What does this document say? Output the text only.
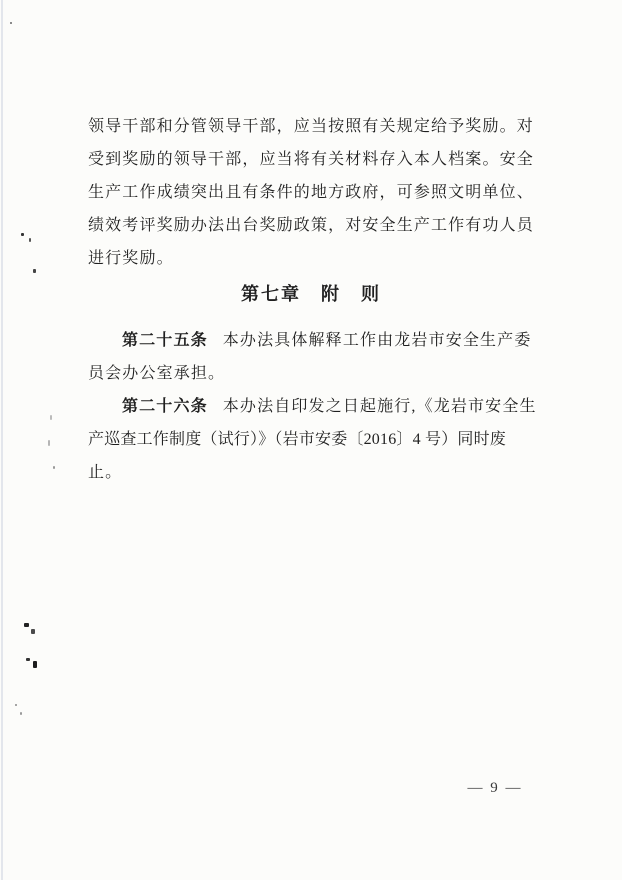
领导干部和分管领导干部，应当按照有关规定给予奖励。对

受到奖励的领导干部，应当将有关材料存入本人档案。安全

生产工作成绩突出且有条件的地方政府，可参照文明单位、

绩效考评奖励办法出台奖励政策，对安全生产工作有功人员

进行奖励。

第七章　附　则

第二十五条 本办法具体解释工作由龙岩市安全生产委

员会办公室承担。

第二十六条 本办法自印发之日起施行,《龙岩市安全生

产巡查工作制度（试行）》（岩市安委〔2016〕4 号）同时废

止。

— 9 —
